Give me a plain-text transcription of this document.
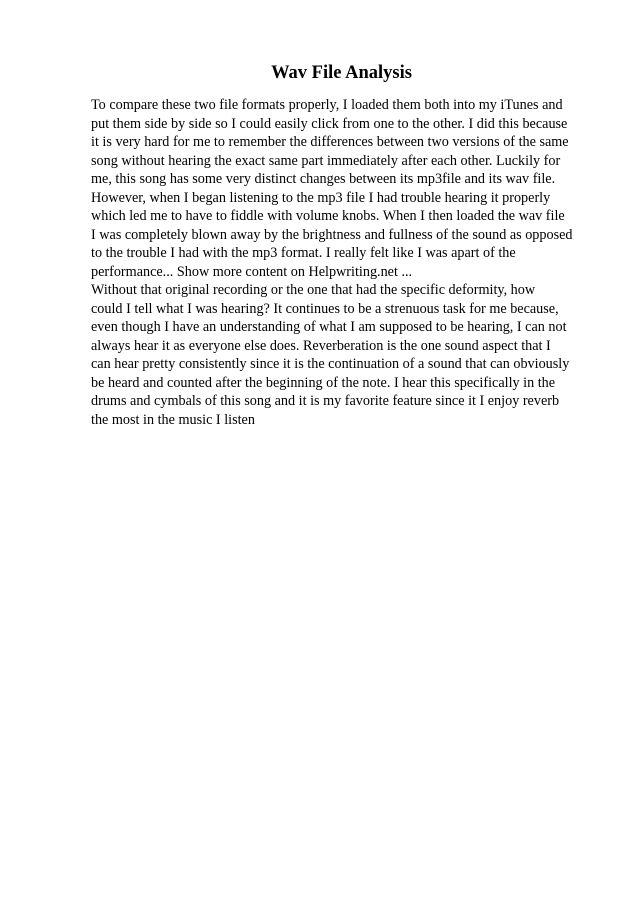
Wav File Analysis
To compare these two file formats properly, I loaded them both into my iTunes and
put them side by side so I could easily click from one to the other. I did this because
it is very hard for me to remember the differences between two versions of the same
song without hearing the exact same part immediately after each other. Luckily for
me, this song has some very distinct changes between its mp3file and its wav file.
However, when I began listening to the mp3 file I had trouble hearing it properly
which led me to have to fiddle with volume knobs. When I then loaded the wav file
I was completely blown away by the brightness and fullness of the sound as opposed
to the trouble I had with the mp3 format. I really felt like I was apart of the
performance... Show more content on Helpwriting.net ...
Without that original recording or the one that had the specific deformity, how
could I tell what I was hearing? It continues to be a strenuous task for me because,
even though I have an understanding of what I am supposed to be hearing, I can not
always hear it as everyone else does. Reverberation is the one sound aspect that I
can hear pretty consistently since it is the continuation of a sound that can obviously
be heard and counted after the beginning of the note. I hear this specifically in the
drums and cymbals of this song and it is my favorite feature since it I enjoy reverb
the most in the music I listen
